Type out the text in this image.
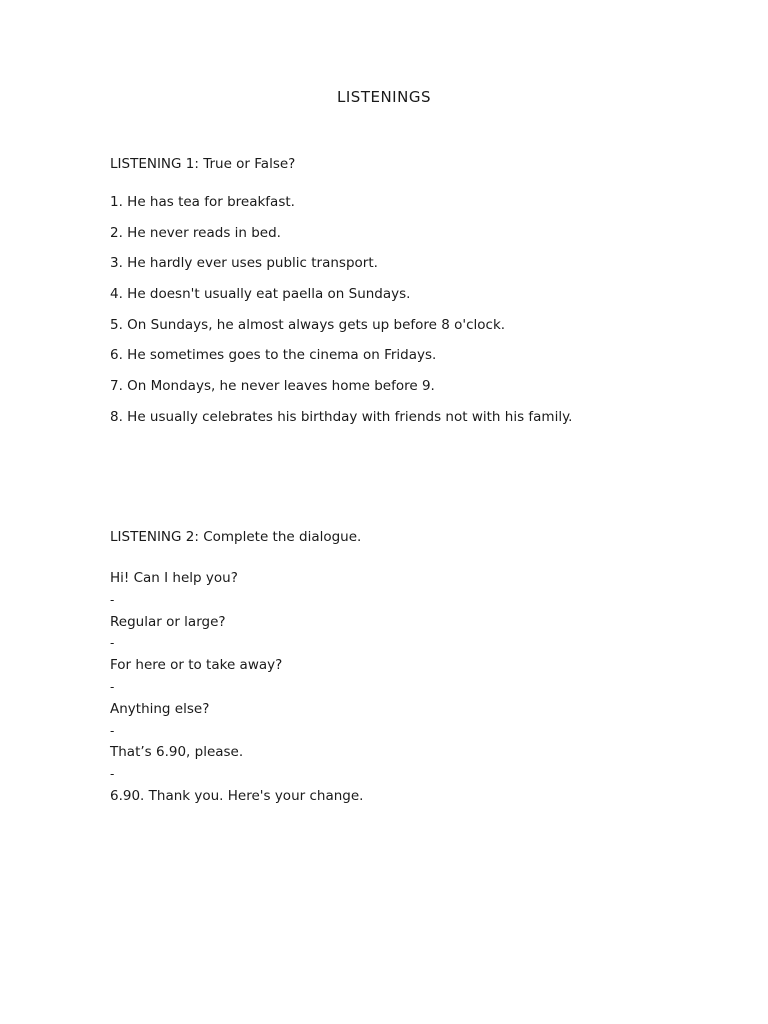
LISTENINGS
LISTENING 1: True or False?
1. He has tea for breakfast.
2. He never reads in bed.
3. He hardly ever uses public transport.
4. He doesn't usually eat paella on Sundays.
5. On Sundays, he almost always gets up before 8 o'clock.
6. He sometimes goes to the cinema on Fridays.
7. On Mondays, he never leaves home before 9.
8. He usually celebrates his birthday with friends not with his family.
LISTENING 2: Complete the dialogue.
Hi! Can I help you?
-
Regular or large?
-
For here or to take away?
-
Anything else?
-
That’s 6.90, please.
-
6.90. Thank you. Here's your change.
